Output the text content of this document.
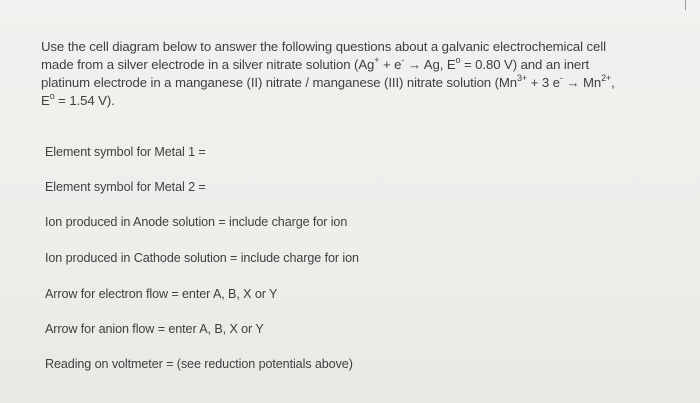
Use the cell diagram below to answer the following questions about a galvanic electrochemical cell
made from a silver electrode in a silver nitrate solution (Ag+ + e- → Ag, $E^o = 0.80$ V) and an inert
platinum electrode in a manganese (II) nitrate / manganese (III) nitrate solution ($Mn^{3+} + 3$ $e^- \to Mn^{2+}$,
$E^o = 1.54$ V).
Element symbol for Metal 1 =
Element symbol for Metal 2 =
Ion produced in Anode solution = include charge for ion
Ion produced in Cathode solution = include charge for ion
Arrow for electron flow = enter A, B, X or Y
Arrow for anion flow = enter A, B, X or Y
Reading on voltmeter = (see reduction potentials above)
